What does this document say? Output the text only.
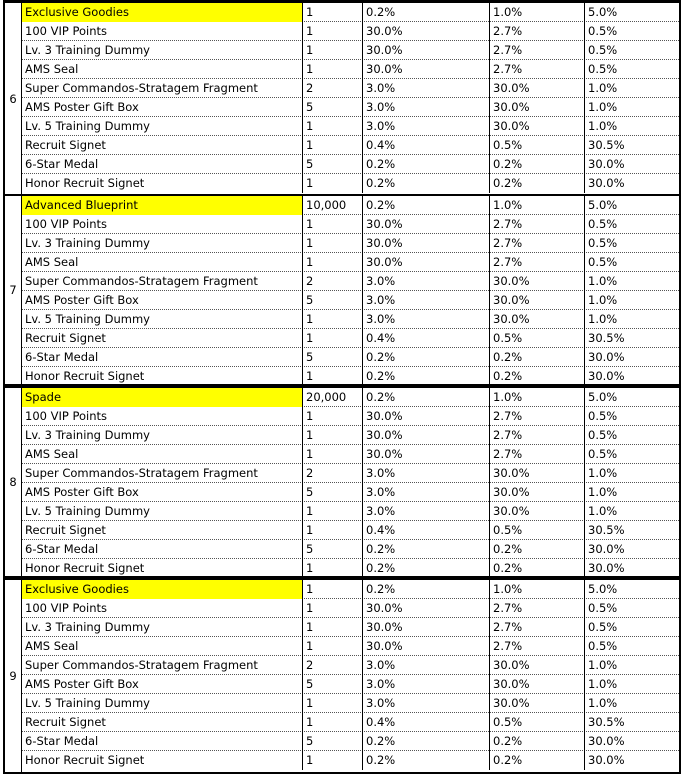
6
Exclusive Goodies	1	0.2%	1.0%	5.0%
100 VIP Points	1	30.0%	2.7%	0.5%
Lv. 3 Training Dummy	1	30.0%	2.7%	0.5%
AMS Seal	1	30.0%	2.7%	0.5%
Super Commandos-Stratagem Fragment	2	3.0%	30.0%	1.0%
AMS Poster Gift Box	5	3.0%	30.0%	1.0%
Lv. 5 Training Dummy	1	3.0%	30.0%	1.0%
Recruit Signet	1	0.4%	0.5%	30.5%
6-Star Medal	5	0.2%	0.2%	30.0%
Honor Recruit Signet	1	0.2%	0.2%	30.0%
7
Advanced Blueprint	10,000	0.2%	1.0%	5.0%
100 VIP Points	1	30.0%	2.7%	0.5%
Lv. 3 Training Dummy	1	30.0%	2.7%	0.5%
AMS Seal	1	30.0%	2.7%	0.5%
Super Commandos-Stratagem Fragment	2	3.0%	30.0%	1.0%
AMS Poster Gift Box	5	3.0%	30.0%	1.0%
Lv. 5 Training Dummy	1	3.0%	30.0%	1.0%
Recruit Signet	1	0.4%	0.5%	30.5%
6-Star Medal	5	0.2%	0.2%	30.0%
Honor Recruit Signet	1	0.2%	0.2%	30.0%
8
Spade	20,000	0.2%	1.0%	5.0%
100 VIP Points	1	30.0%	2.7%	0.5%
Lv. 3 Training Dummy	1	30.0%	2.7%	0.5%
AMS Seal	1	30.0%	2.7%	0.5%
Super Commandos-Stratagem Fragment	2	3.0%	30.0%	1.0%
AMS Poster Gift Box	5	3.0%	30.0%	1.0%
Lv. 5 Training Dummy	1	3.0%	30.0%	1.0%
Recruit Signet	1	0.4%	0.5%	30.5%
6-Star Medal	5	0.2%	0.2%	30.0%
Honor Recruit Signet	1	0.2%	0.2%	30.0%
9
Exclusive Goodies	1	0.2%	1.0%	5.0%
100 VIP Points	1	30.0%	2.7%	0.5%
Lv. 3 Training Dummy	1	30.0%	2.7%	0.5%
AMS Seal	1	30.0%	2.7%	0.5%
Super Commandos-Stratagem Fragment	2	3.0%	30.0%	1.0%
AMS Poster Gift Box	5	3.0%	30.0%	1.0%
Lv. 5 Training Dummy	1	3.0%	30.0%	1.0%
Recruit Signet	1	0.4%	0.5%	30.5%
6-Star Medal	5	0.2%	0.2%	30.0%
Honor Recruit Signet	1	0.2%	0.2%	30.0%
